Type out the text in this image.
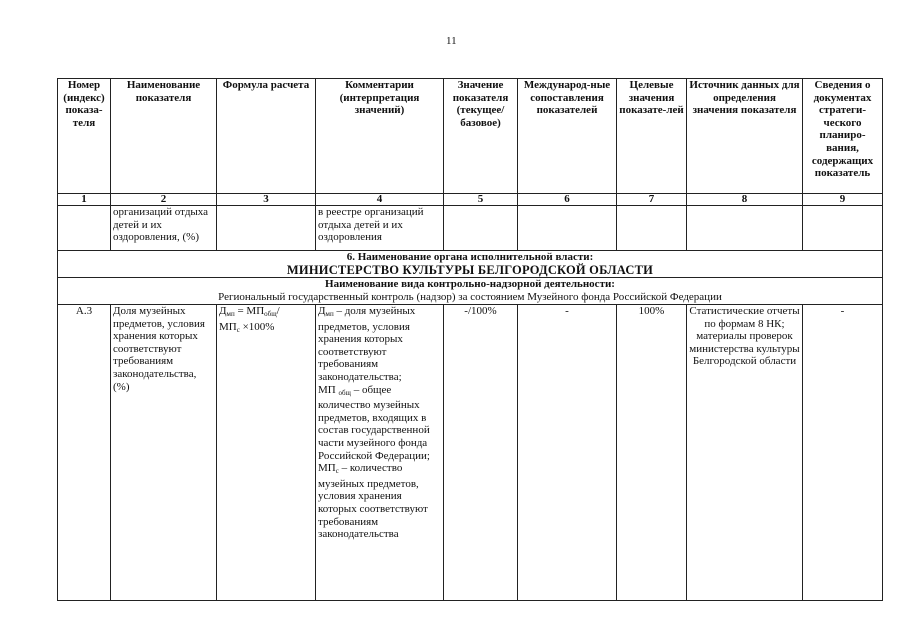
11
Номер (индекс) показа-теля	Наименование показателя	Формула расчета	Комментарии (интерпретация значений)	Значение показателя (текущее/ базовое)	Международ-ные сопоставления показателей	Целевые значения показате-лей	Источник данных для определения значения показателя	Сведения о документах стратеги-ческого планиро-вания, содержащих показатель
1	2	3	4	5	6	7	8	9
	организаций отдыха детей и их оздоровления, (%)		в реестре организаций отдыха детей и их оздоровления					

6. Наименование органа исполнительной власти:
МИНИСТЕРСТВО КУЛЬТУРЫ БЕЛГОРОДСКОЙ ОБЛАСТИ								

Наименование вида контрольно-надзорной деятельности:
Региональный государственный контроль (надзор) за состоянием Музейного фонда Российской Федерации								

А.3	Доля музейных предметов, условия хранения которых соответствуют требованиям законодательства, (%)	$Д_{мп} = МП_{общ}/$
$МП_с \times 100\%$	$Д_{мп}$ – доля музейных предметов, условия хранения которых соответствуют требованиям законодательства;
МП $_{общ}$ – общее количество музейных предметов, входящих в состав государственной части музейного фонда Российской Федерации;
$МП_с$ – количество музейных предметов, условия хранения которых соответствуют требованиям законодательства	-/100%	-	100%	Статистические отчеты по формам 8 НК; материалы проверок министерства культуры Белгородской области	-
